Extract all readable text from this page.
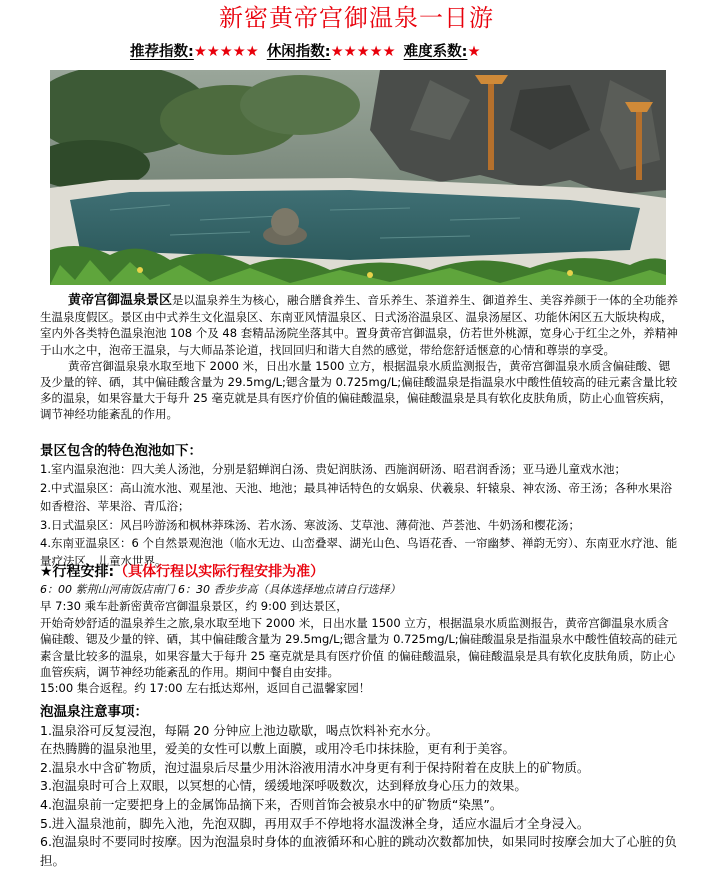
新密黄帝宫御温泉一日游
推荐指数:★★★★★ 休闲指数:★★★★★ 难度系数:★

黄帝宫御温泉景区是以温泉养生为核心，融合膳食养生、音乐养生、茶道养生、御道养生、美容养颜于一体的全功能养生温泉度假区。景区由中式养生文化温泉区、东南亚风情温泉区、日式汤浴温泉区、温泉汤屋区、功能休闲区五大版块构成，室内外各类特色温泉泡池 108 个及 48 套精品汤院坐落其中。置身黄帝宫御温泉，仿若世外桃源，宽身心于红尘之外，养精神于山水之中，泡帝王温泉，与大师品茶论道，找回回归和谐大自然的感觉，带给您舒适惬意的心情和尊崇的享受。

黄帝宫御温泉泉水取至地下 2000 米，日出水量 1500 立方，根据温泉水质监测报告，黄帝宫御温泉水质含偏硅酸、锶及少量的锌、硒，其中偏硅酸含量为 29.5mg/L;锶含量为 0.725mg/L;偏硅酸温泉是指温泉水中酸性值较高的硅元素含量比较多的温泉，如果容量大于每升 25 毫克就是具有医疗价值的偏硅酸温泉，偏硅酸温泉是具有软化皮肤角质，防止心血管疾病，调节神经功能紊乱的作用。

景区包含的特色泡池如下：

1.室内温泉泡池：四大美人汤池，分别是貂蝉润白汤、贵妃润肤汤、西施润研汤、昭君润香汤；亚马逊儿童戏水池；

2.中式温泉区：高山流水池、观星池、天池、地池；最具神话特色的女娲泉、伏羲泉、轩辕泉、神农汤、帝王汤；各种水果浴如香橙浴、苹果浴、青瓜浴；

3.日式温泉区：风吕吟游汤和枫林莽珠汤、若水汤、寒波汤、艾草池、薄荷池、芦荟池、牛奶汤和樱花汤；

4.东南亚温泉区：6 个自然景观泡池（临水无边、山峦叠翠、湖光山色、鸟语花香、一帘幽梦、禅韵无穷）、东南亚水疗池、能量疗法区、儿童水世界。

★行程安排:（具体行程以实际行程安排为准）

6：00 紫荆山河南饭店南门 6：30 香步步高（具体选择地点请自行选择）

早 7:30 乘车赴新密黄帝宫御温泉景区，约 9:00 到达景区，

开始奇妙舒适的温泉养生之旅,泉水取至地下 2000 米，日出水量 1500 立方，根据温泉水质监测报告，黄帝宫御温泉水质含偏硅酸、锶及少量的锌、硒，其中偏硅酸含量为 29.5mg/L;锶含量为 0.725mg/L;偏硅酸温泉是指温泉水中酸性值较高的硅元素含量比较多的温泉，如果容量大于每升 25 毫克就是具有医疗价值 的偏硅酸温泉，偏硅酸温泉是具有软化皮肤角质，防止心血管疾病，调节神经功能紊乱的作用。期间中餐自由安排。

15:00 集合返程。约 17:00 左右抵达郑州，返回自己温馨家园！

泡温泉注意事项：

1.温泉浴可反复浸泡，每隔 20 分钟应上池边歇歇，喝点饮料补充水分。

在热腾腾的温泉池里，爱美的女性可以敷上面膜，或用冷毛巾抹抹脸，更有利于美容。

2.温泉水中含矿物质，泡过温泉后尽量少用沐浴液用清水冲身更有利于保持附着在皮肤上的矿物质。

3.泡温泉时可合上双眼，以冥想的心情，缓缓地深呼吸数次，达到释放身心压力的效果。

4.泡温泉前一定要把身上的金属饰品摘下来，否则首饰会被泉水中的矿物质“染黑”。

5.进入温泉池前，脚先入池，先泡双脚，再用双手不停地将水温泼淋全身，适应水温后才全身浸入。

6.泡温泉时不要同时按摩。因为泡温泉时身体的血液循环和心脏的跳动次数都加快，如果同时按摩会加大了心脏的负担。
